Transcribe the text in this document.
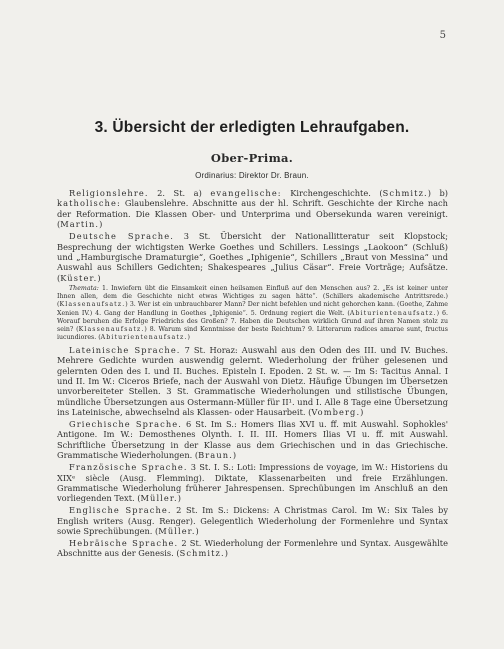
5
3. Übersicht der erledigten Lehraufgaben.
Ober-Prima.
Ordinarius: Direktor Dr. Braun.

Religionslehre. 2. St. a) evangelische: Kirchengeschichte. (Schmitz.) b) katholische: Glaubenslehre. Abschnitte aus der hl. Schrift. Geschichte der Kirche nach der Reformation. Die Klassen Ober- und Unterprima und Obersekunda waren vereinigt. (Martin.)

Deutsche Sprache. 3 St. Übersicht der Nationallitteratur seit Klopstock; Besprechung der wichtigsten Werke Goethes und Schillers. Lessings „Laokoon“ (Schluß) und „Hamburgische Dramaturgie“, Goethes „Iphigenie“, Schillers „Braut von Messina“ und Auswahl aus Schillers Gedichten; Shakespeares „Julius Cäsar“. Freie Vorträge; Aufsätze. (Küster.)

Themata: 1. Inwiefern übt die Einsamkeit einen heilsamen Einfluß auf den Menschen aus? 2. „Es ist keiner unter Ihnen allen, dem die Geschichte nicht etwas Wichtiges zu sagen hätte“. (Schillers akademische Antrittsrede.) (Klassenaufsatz.) 3. Wer ist ein unbrauchbarer Mann? Der nicht befehlen und nicht gehorchen kann. (Goethe, Zahme Xenien IV.) 4. Gang der Handlung in Goethes „Iphigenie“. 5. Ordnung regiert die Welt. (Abiturientenaufsatz.) 6. Worauf beruhen die Erfolge Friedrichs des Großen? 7. Haben die Deutschen wirklich Grund auf ihren Namen stolz zu sein? (Klassenaufsatz.) 8. Warum sind Kenntnisse der beste Reichtum? 9. Litterarum radices amarae sunt, fructus iucundiores. (Abiturientenaufsatz.)

Lateinische Sprache. 7 St. Horaz: Auswahl aus den Oden des III. und IV. Buches. Mehrere Gedichte wurden auswendig gelernt. Wiederholung der früher gelesenen und gelernten Oden des I. und II. Buches. Episteln I. Epoden. 2 St. w. — Im S: Tacitus Annal. I und II. Im W.: Ciceros Briefe, nach der Auswahl von Dietz. Häufige Übungen im Übersetzen unvorbereiteter Stellen. 3 St. Grammatische Wiederholungen und stilistische Übungen, mündliche Übersetzungen aus Ostermann-Müller für II¹. und I. Alle 8 Tage eine Übersetzung ins Lateinische, abwechselnd als Klassen- oder Hausarbeit. (Vomberg.)

Griechische Sprache. 6 St. Im S.: Homers Ilias XVI u. ff. mit Auswahl. Sophokles' Antigone. Im W.: Demosthenes Olynth. I. II. III. Homers Ilias VI u. ff. mit Auswahl. Schriftliche Übersetzung in der Klasse aus dem Griechischen und in das Griechische. Grammatische Wiederholungen. (Braun.)

Französische Sprache. 3 St. I. S.: Loti: Impressions de voyage, im W.: Historiens du XIXᵉ siècle (Ausg. Flemming). Diktate, Klassenarbeiten und freie Erzählungen. Grammatische Wiederholung früherer Jahrespensen. Sprechübungen im Anschluß an den vorliegenden Text. (Müller.)

Englische Sprache. 2 St. Im S.: Dickens: A Christmas Carol. Im W.: Six Tales by English writers (Ausg. Renger). Gelegentlich Wiederholung der Formenlehre und Syntax sowie Sprechübungen. (Müller.)

Hebräische Sprache. 2 St. Wiederholung der Formenlehre und Syntax. Ausgewählte Abschnitte aus der Genesis. (Schmitz.)
